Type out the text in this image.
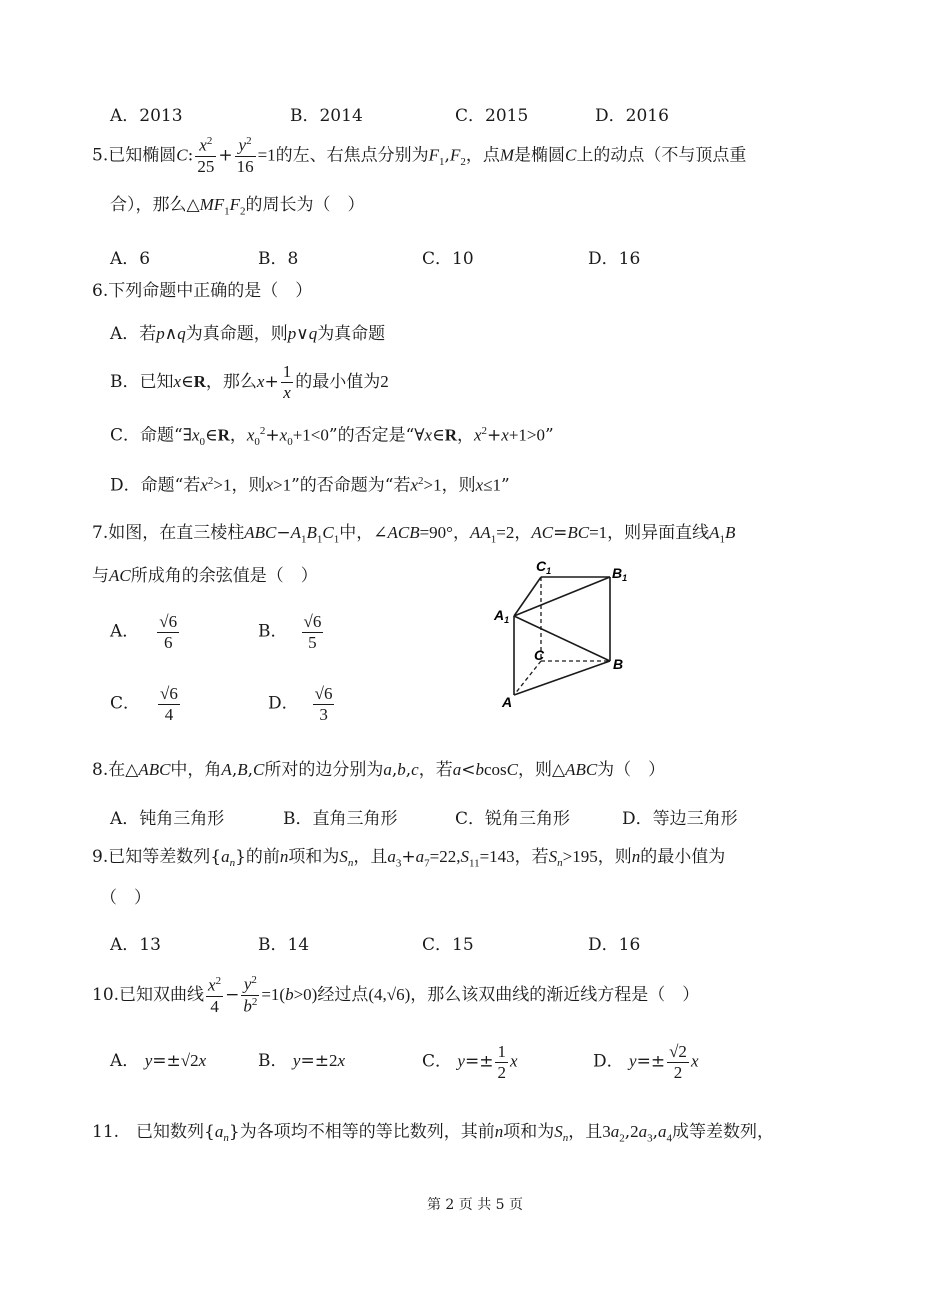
A．2013	B．2014	C．2015	D．2016
5.已知椭圆C: $\frac{x^2}{25} + \frac{y^2}{16} =1$的左、右焦点分别为$F_1,F_2$，点M是椭圆C上的动点（不与顶点重
合），那么$\triangle MF_1F_2$的周长为（　）
A．6	B．8	C．10	D．16
6.下列命题中正确的是（　）
A．若p∧q为真命题，则p∨q为真命题
B．已知x∈R，那么$x+ \frac{1}{x}$ 的最小值为2
C．命题“$\exists x_0\in R$，$x_0^2+x_0+1<0$”的否定是“∀x∈R，$x^2+x+1>0$”
D．命题“若$x^2>1$，则x>1”的否命题为“若$x^2>1$，则x≤1”
7.如图，在直三棱柱$ABC-A_1B_1C_1$中，∠ACB=90°，$AA_1=2$，AC=BC=1，则异面直线$A_1B$
与AC所成角的余弦值是（　）
A． $\frac{√6}{6}$	B． $\frac{√6}{5}$
C． $\frac{√6}{4}$	D． $\frac{√6}{3}$
$C_1$	$B_1$
$A_1$
C
B
A
8.在△ABC中，角A,B,C所对的边分别为a,b,c，若a<bcosC，则△ABC为（　）
A．钝角三角形	B．直角三角形	C．锐角三角形	D．等边三角形
9.已知等差数列$\{a_n\}$的前n项和为$S_n$，且$a_3+a_7=22,S_{11}=143$，若$S_n>195$，则n的最小值为
（　）
A．13	B．14	C．15	D．16
10.已知双曲线 $\frac{x^2}{4} - \frac{y^2}{b^2} =1(b>0)$经过点(4,√6)，那么该双曲线的渐近线方程是（　）
A． y=±√2x	B． y=±2x	C． $y=\pm \frac{1}{2}$ x	D． $y=\pm \frac{√2}{2}$ x
11.　 已知数列$\{a_n\}$为各项均不相等的等比数列，其前n项和为$S_n$，且$3a_2,2a_3,a_4$成等差数列，
第 2 页 共 5 页
